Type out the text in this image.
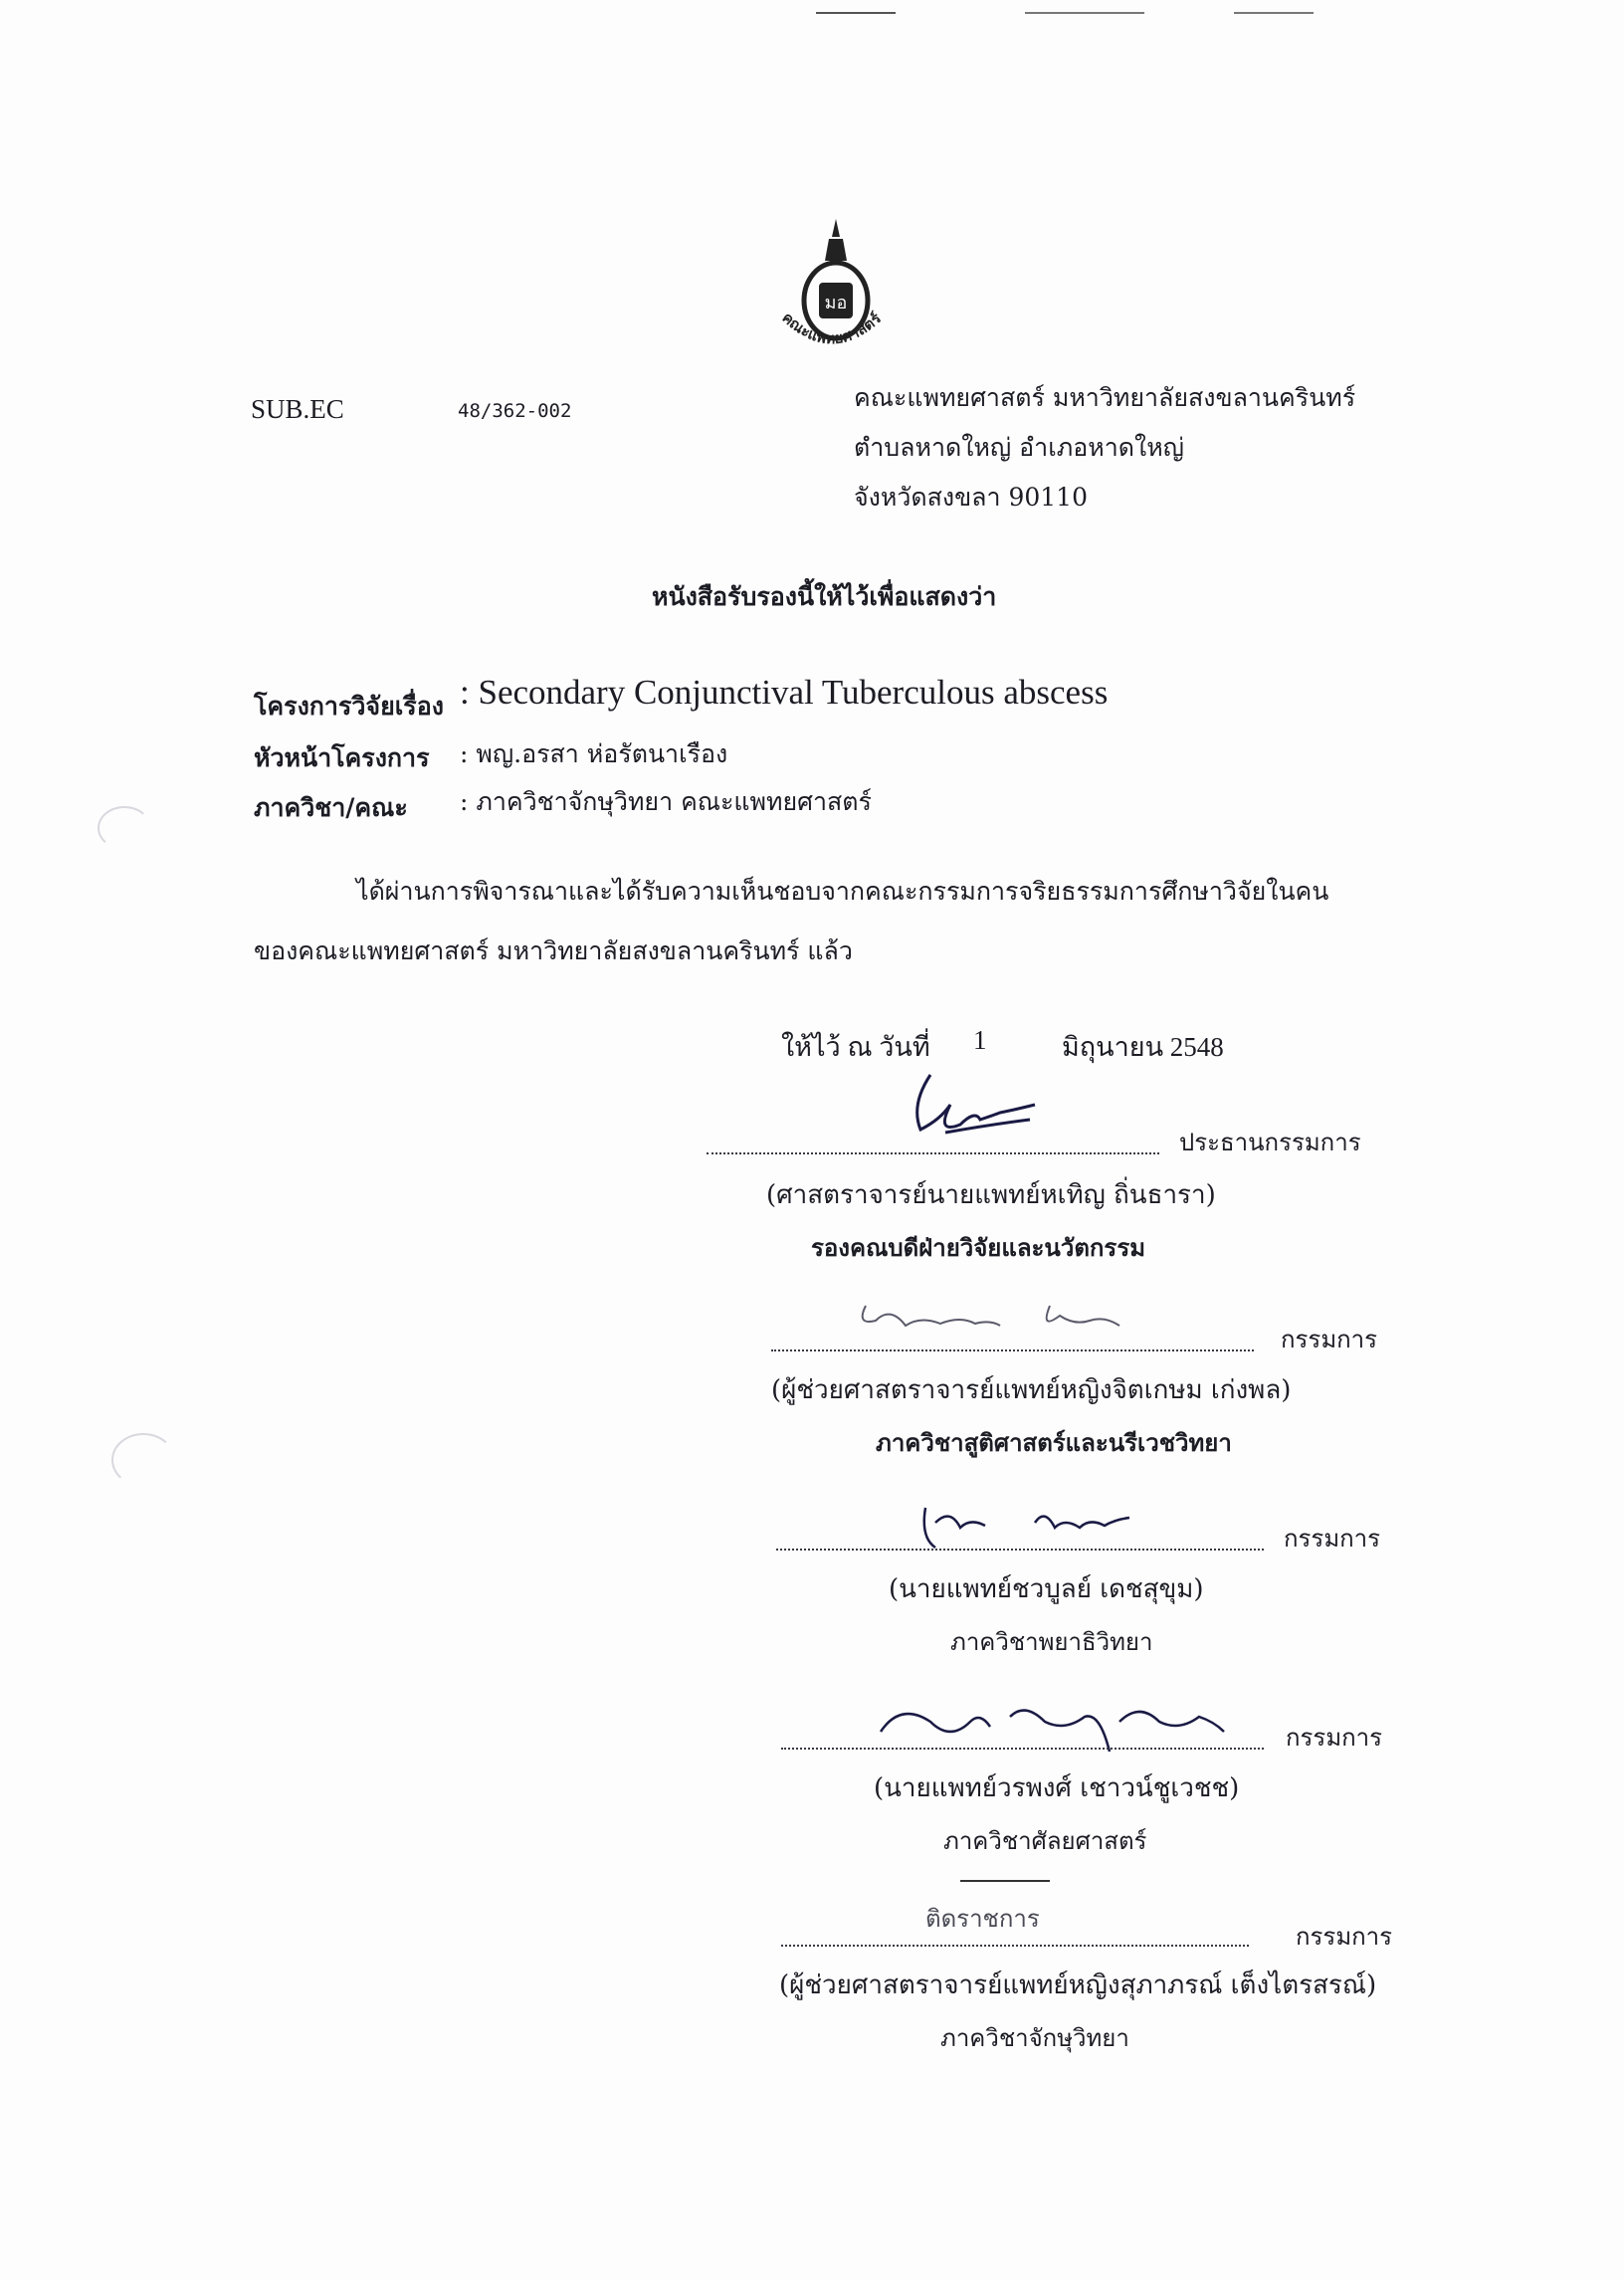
มอ
คณะแพทยศาสตร์
SUB.EC	48/362-002	คณะแพทยศาสตร์ มหาวิทยาลัยสงขลานครินทร์
ตำบลหาดใหญ่ อำเภอหาดใหญ่
จังหวัดสงขลา 90110
หนังสือรับรองนี้ให้ไว้เพื่อแสดงว่า
โครงการวิจัยเรื่อง : Secondary Conjunctival Tuberculous abscess
หัวหน้าโครงการ : พญ.อรสา ห่อรัตนาเรือง
ภาควิชา/คณะ : ภาควิชาจักษุวิทยา คณะแพทยศาสตร์
ได้ผ่านการพิจารณาและได้รับความเห็นชอบจากคณะกรรมการจริยธรรมการศึกษาวิจัยในคน
ของคณะแพทยศาสตร์ มหาวิทยาลัยสงขลานครินทร์ แล้ว
ให้ไว้ ณ วันที่ 1	มิถุนายน 2548
ประธานกรรมการ
(ศาสตราจารย์นายแพทย์หเทิญ ถิ่นธารา)
รองคณบดีฝ่ายวิจัยและนวัตกรรม
กรรมการ
(ผู้ช่วยศาสตราจารย์แพทย์หญิงจิตเกษม เก่งพล)
ภาควิชาสูติศาสตร์และนรีเวชวิทยา
กรรมการ
(นายแพทย์ชวบูลย์ เดชสุขุม)
ภาควิชาพยาธิวิทยา
กรรมการ
(นายแพทย์วรพงศ์ เชาวน์ชูเวชช)
ภาควิชาศัลยศาสตร์
ติดราชการ
กรรมการ
(ผู้ช่วยศาสตราจารย์แพทย์หญิงสุภาภรณ์ เต็งไตรสรณ์)
ภาควิชาจักษุวิทยา
